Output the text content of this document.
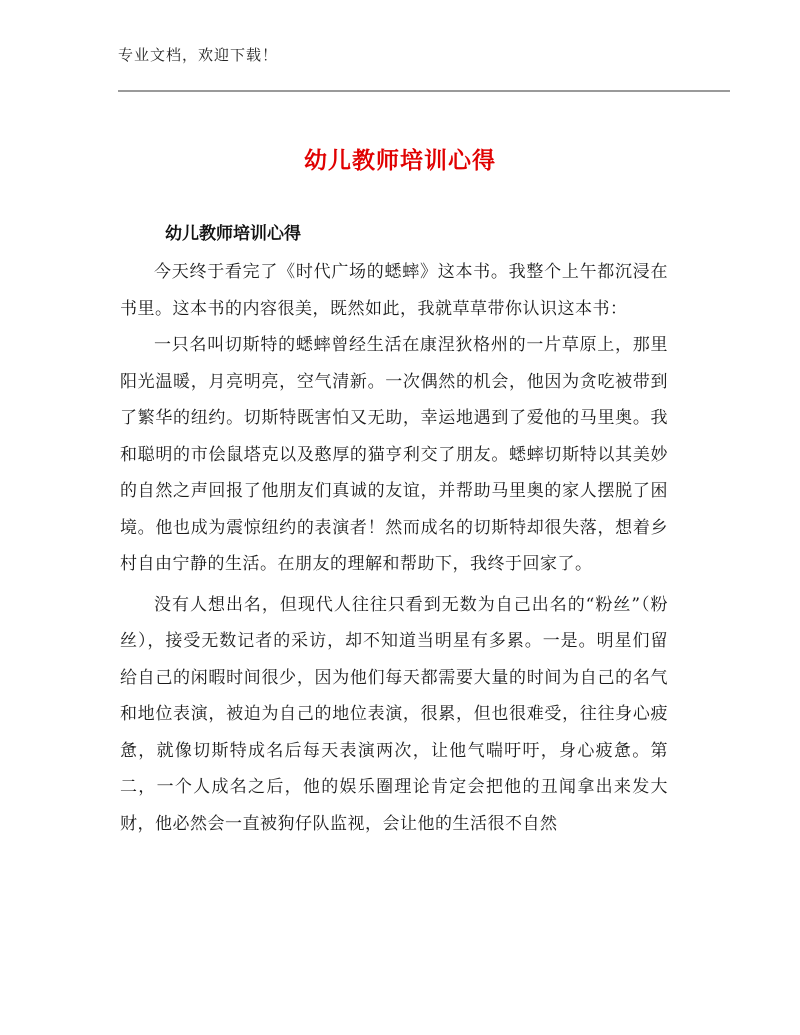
专业文档，欢迎下载！
幼儿教师培训心得
幼儿教师培训心得

今天终于看完了《时代广场的蟋蟀》这本书。我整个上午都沉浸在书里。这本书的内容很美，既然如此，我就草草带你认识这本书：

一只名叫切斯特的蟋蟀曾经生活在康涅狄格州的一片草原上，那里阳光温暖，月亮明亮，空气清新。一次偶然的机会，他因为贪吃被带到了繁华的纽约。切斯特既害怕又无助，幸运地遇到了爱他的马里奥。我和聪明的市侩鼠塔克以及憨厚的猫亨利交了朋友。蟋蟀切斯特以其美妙的自然之声回报了他朋友们真诚的友谊，并帮助马里奥的家人摆脱了困境。他也成为震惊纽约的表演者！然而成名的切斯特却很失落，想着乡村自由宁静的生活。在朋友的理解和帮助下，我终于回家了。

没有人想出名，但现代人往往只看到无数为自己出名的“粉丝”（粉丝），接受无数记者的采访，却不知道当明星有多累。一是。明星们留给自己的闲暇时间很少，因为他们每天都需要大量的时间为自己的名气和地位表演，被迫为自己的地位表演，很累，但也很难受，往往身心疲惫，就像切斯特成名后每天表演两次，让他气喘吁吁，身心疲惫。第二，一个人成名之后，他的娱乐圈理论肯定会把他的丑闻拿出来发大财，他必然会一直被狗仔队监视，会让他的生活很不自然
